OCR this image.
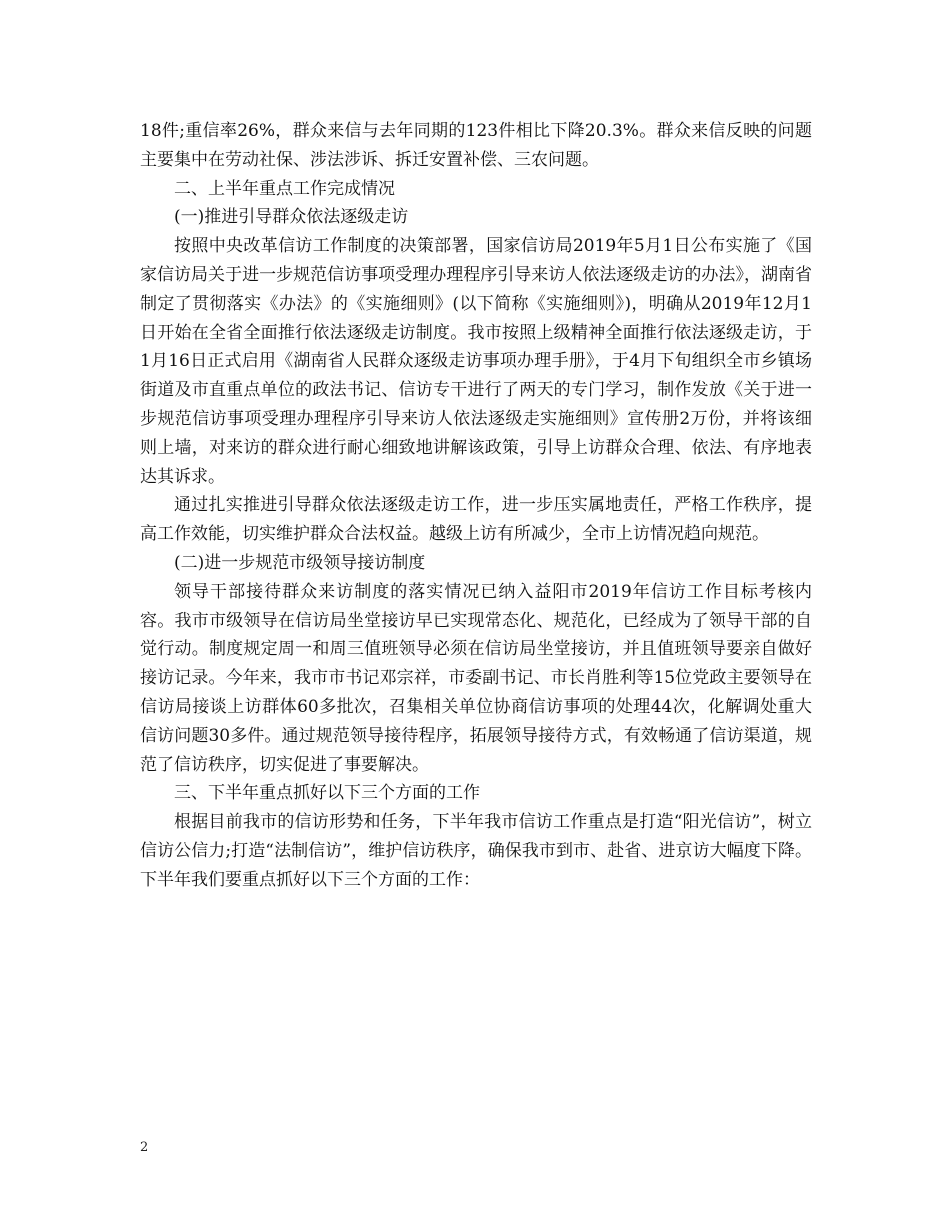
18件;重信率26%，群众来信与去年同期的123件相比下降20.3%。群众来信反映的问题主要集中在劳动社保、涉法涉诉、拆迁安置补偿、三农问题。

二、上半年重点工作完成情况

(一)推进引导群众依法逐级走访

按照中央改革信访工作制度的决策部署，国家信访局2019年5月1日公布实施了《国家信访局关于进一步规范信访事项受理办理程序引导来访人依法逐级走访的办法》，湖南省制定了贯彻落实《办法》的《实施细则》(以下简称《实施细则》)，明确从2019年12月1日开始在全省全面推行依法逐级走访制度。我市按照上级精神全面推行依法逐级走访，于1月16日正式启用《湖南省人民群众逐级走访事项办理手册》，于4月下旬组织全市乡镇场街道及市直重点单位的政法书记、信访专干进行了两天的专门学习，制作发放《关于进一步规范信访事项受理办理程序引导来访人依法逐级走实施细则》宣传册2万份，并将该细则上墙，对来访的群众进行耐心细致地讲解该政策，引导上访群众合理、依法、有序地表达其诉求。

通过扎实推进引导群众依法逐级走访工作，进一步压实属地责任，严格工作秩序，提高工作效能，切实维护群众合法权益。越级上访有所减少，全市上访情况趋向规范。

(二)进一步规范市级领导接访制度

领导干部接待群众来访制度的落实情况已纳入益阳市2019年信访工作目标考核内容。我市市级领导在信访局坐堂接访早已实现常态化、规范化，已经成为了领导干部的自觉行动。制度规定周一和周三值班领导必须在信访局坐堂接访，并且值班领导要亲自做好接访记录。今年来，我市市书记邓宗祥，市委副书记、市长肖胜利等15位党政主要领导在信访局接谈上访群体60多批次，召集相关单位协商信访事项的处理44次，化解调处重大信访问题30多件。通过规范领导接待程序，拓展领导接待方式，有效畅通了信访渠道，规范了信访秩序，切实促进了事要解决。

三、下半年重点抓好以下三个方面的工作

根据目前我市的信访形势和任务，下半年我市信访工作重点是打造“阳光信访”，树立信访公信力;打造“法制信访”，维护信访秩序，确保我市到市、赴省、进京访大幅度下降。下半年我们要重点抓好以下三个方面的工作：

2
